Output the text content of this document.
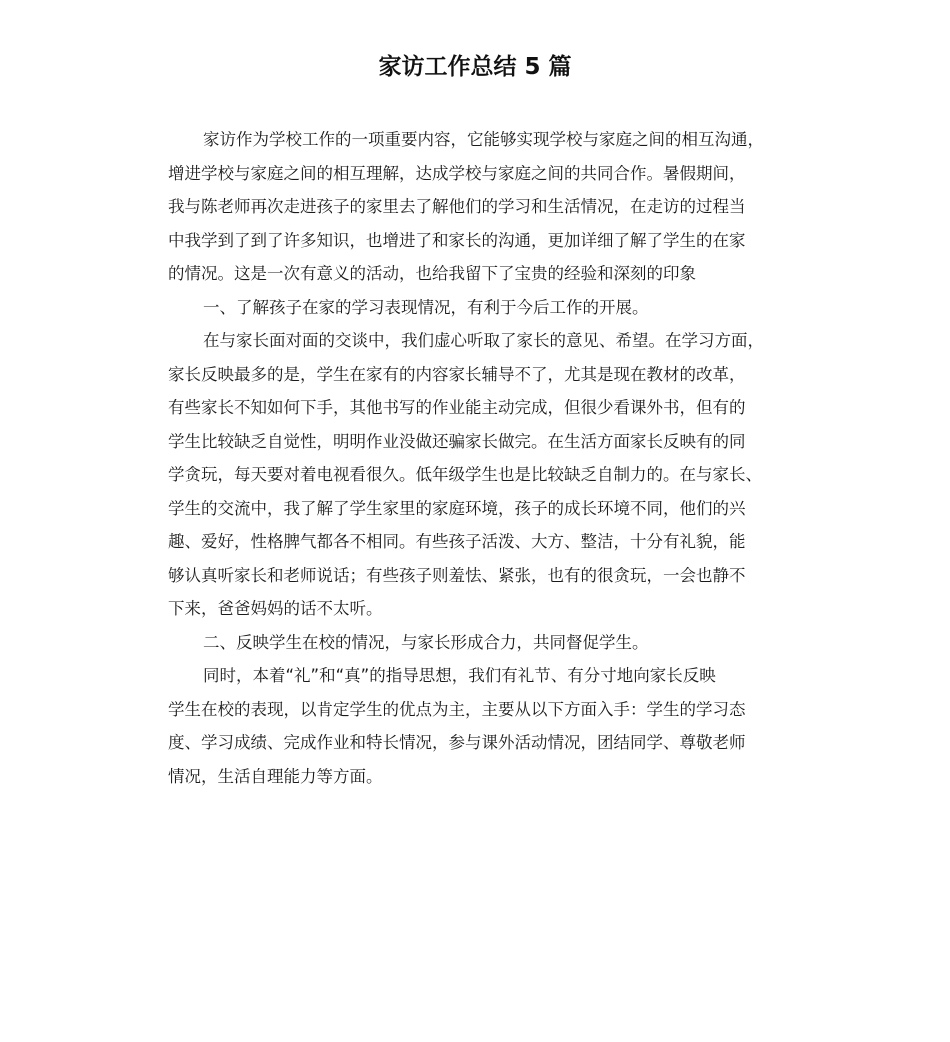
家访工作总结 5 篇
家访作为学校工作的一项重要内容，它能够实现学校与家庭之间的相互沟通，
增进学校与家庭之间的相互理解，达成学校与家庭之间的共同合作。暑假期间，
我与陈老师再次走进孩子的家里去了解他们的学习和生活情况，在走访的过程当
中我学到了到了许多知识，也增进了和家长的沟通，更加详细了解了学生的在家
的情况。这是一次有意义的活动，也给我留下了宝贵的经验和深刻的印象
一、了解孩子在家的学习表现情况，有利于今后工作的开展。
在与家长面对面的交谈中，我们虚心听取了家长的意见、希望。在学习方面，
家长反映最多的是，学生在家有的内容家长辅导不了，尤其是现在教材的改革，
有些家长不知如何下手，其他书写的作业能主动完成，但很少看课外书，但有的
学生比较缺乏自觉性，明明作业没做还骗家长做完。在生活方面家长反映有的同
学贪玩，每天要对着电视看很久。低年级学生也是比较缺乏自制力的。在与家长、
学生的交流中，我了解了学生家里的家庭环境，孩子的成长环境不同，他们的兴
趣、爱好，性格脾气都各不相同。有些孩子活泼、大方、整洁，十分有礼貌，能
够认真听家长和老师说话；有些孩子则羞怯、紧张，也有的很贪玩，一会也静不
下来，爸爸妈妈的话不太听。
二、反映学生在校的情况，与家长形成合力，共同督促学生。
同时，本着“礼”和“真”的指导思想，我们有礼节、有分寸地向家长反映
学生在校的表现，以肯定学生的优点为主，主要从以下方面入手：学生的学习态
度、学习成绩、完成作业和特长情况，参与课外活动情况，团结同学、尊敬老师
情况，生活自理能力等方面。
